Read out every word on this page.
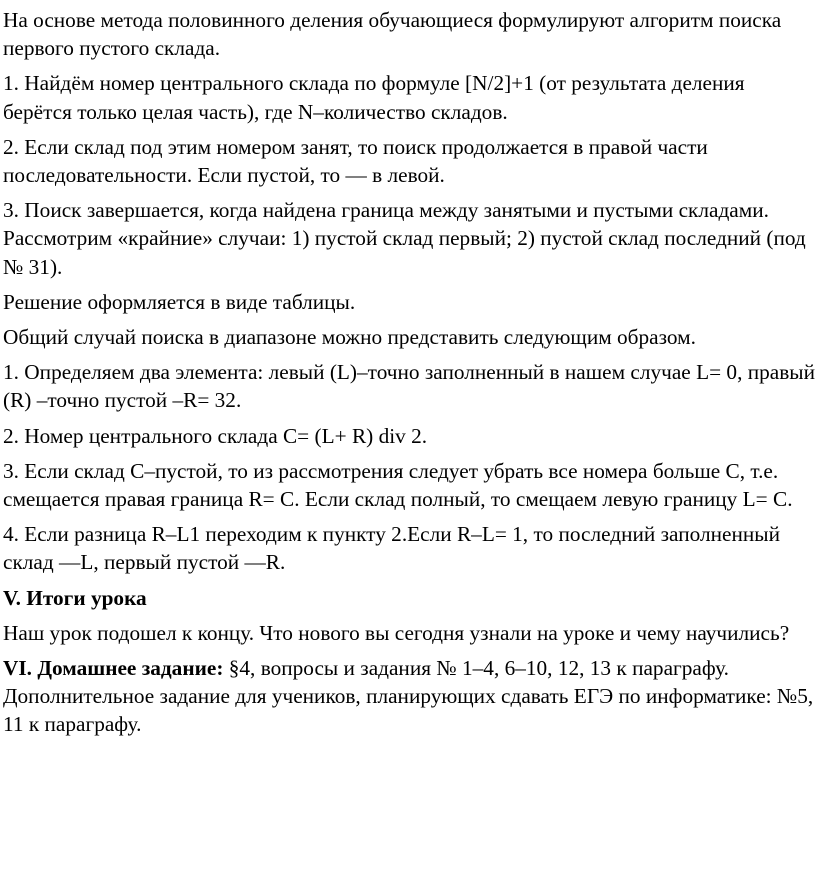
На основе метода половинного деления обучающиеся формулируют алгоритм поиска первого пустого склада.

1. Найдём номер центрального склада по формуле [N/2]+1 (от результата деления берётся только целая часть), где N–количество складов.

2. Если склад под этим номером занят, то поиск продолжается в правой части последовательности. Если пустой, то — в левой.

3. Поиск завершается, когда найдена граница между занятыми и пустыми складами. Рассмотрим «крайние» случаи: 1) пустой склад первый; 2) пустой склад последний (под № 31).

Решение оформляется в виде таблицы.

Общий случай поиска в диапазоне можно представить следующим образом.

1. Определяем два элемента: левый (L)–точно заполненный в нашем случае L= 0, правый (R) –точно пустой –R= 32.

2. Номер центрального склада C= (L+ R) div 2.

3. Если склад C–пустой, то из рассмотрения следует убрать все номера больше C, т.е. смещается правая граница R= C. Если склад полный, то смещаем левую границу L= C.

4. Если разница R–L1 переходим к пункту 2.Если R–L= 1, то последний заполненный склад —L, первый пустой —R.

V. Итоги урока

Наш урок подошел к концу. Что нового вы сегодня узнали на уроке и чему научились?

VI. Домашнее задание: §4, вопросы и задания № 1–4, 6–10, 12, 13 к параграфу. Дополнительное задание для учеников, планирующих сдавать ЕГЭ по информатике: №5, 11 к параграфу.
